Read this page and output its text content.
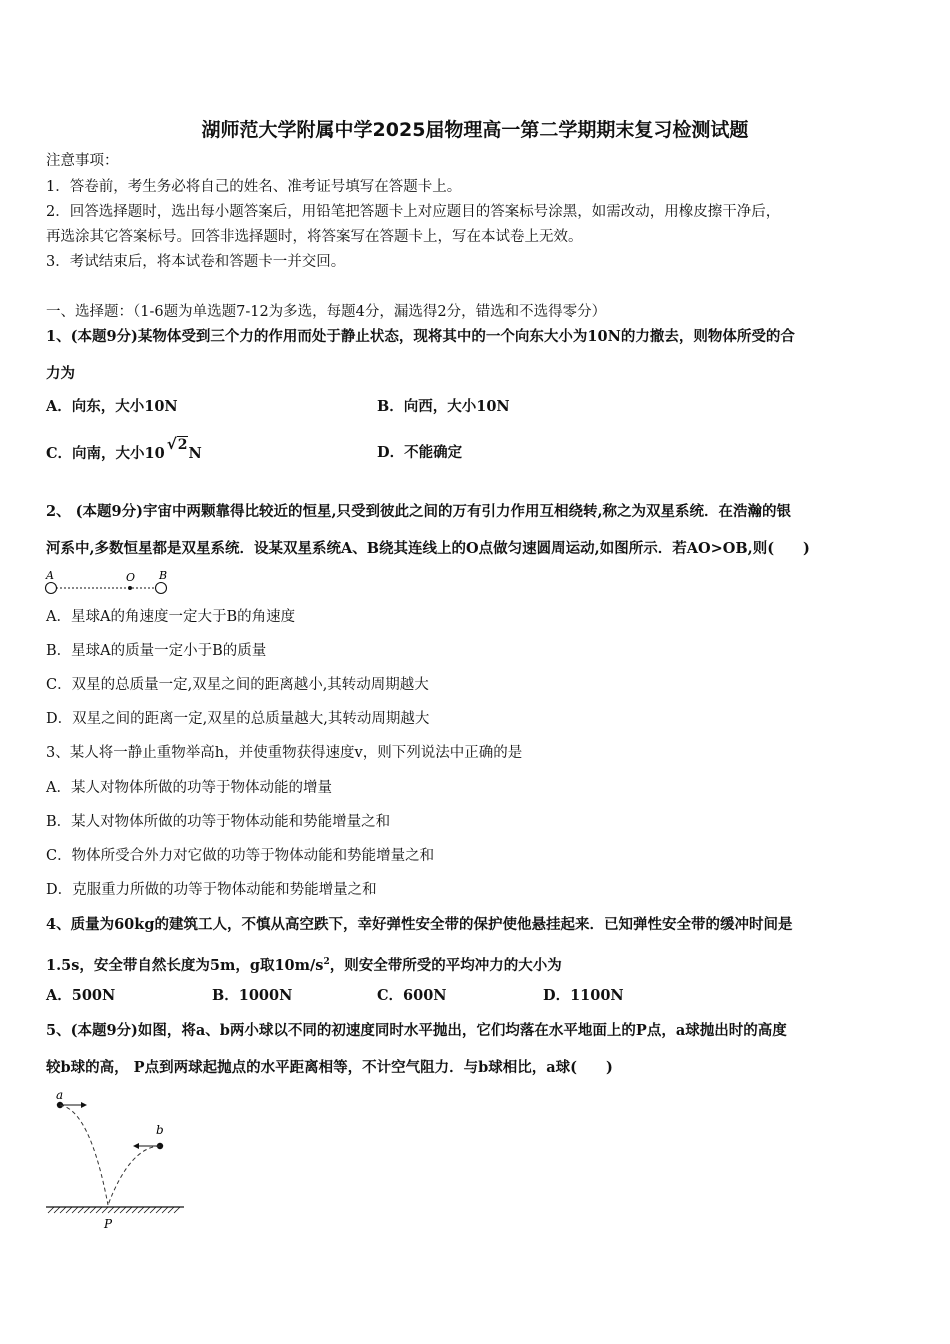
湖师范大学附属中学2025届物理高一第二学期期末复习检测试题
注意事项：
1．答卷前，考生务必将自己的姓名、准考证号填写在答题卡上。
2．回答选择题时，选出每小题答案后，用铅笔把答题卡上对应题目的答案标号涂黑，如需改动，用橡皮擦干净后，
再选涂其它答案标号。回答非选择题时，将答案写在答题卡上，写在本试卷上无效。
3．考试结束后，将本试卷和答题卡一并交回。
一、选择题：（1-6题为单选题7-12为多选，每题4分，漏选得2分，错选和不选得零分）
1、(本题9分)某物体受到三个力的作用而处于静止状态，现将其中的一个向东大小为10N的力撤去，则物体所受的合
力为
A．向东，大小10N	B．向西，大小10N
C．向南，大小10√2N	D．不能确定
2、 (本题9分)宇宙中两颗靠得比较近的恒星,只受到彼此之间的万有引力作用互相绕转,称之为双星系统．在浩瀚的银
河系中,多数恒星都是双星系统．设某双星系统A、B绕其连线上的O点做匀速圆周运动,如图所示．若AO>OB,则(　　)
A	O B
A．星球A的角速度一定大于B的角速度
B．星球A的质量一定小于B的质量
C．双星的总质量一定,双星之间的距离越小,其转动周期越大
D．双星之间的距离一定,双星的总质量越大,其转动周期越大
3、某人将一静止重物举高h，并使重物获得速度v，则下列说法中正确的是
A．某人对物体所做的功等于物体动能的增量
B．某人对物体所做的功等于物体动能和势能增量之和
C．物体所受合外力对它做的功等于物体动能和势能增量之和
D．克服重力所做的功等于物体动能和势能增量之和
4、质量为60kg的建筑工人，不慎从高空跌下，幸好弹性安全带的保护使他悬挂起来．已知弹性安全带的缓冲时间是
1.5s，安全带自然长度为5m，g取$10m/s^2$，则安全带所受的平均冲力的大小为
A．500N	B．1000N	C．600N	D．1100N
5、(本题9分)如图，将a、b两小球以不同的初速度同时水平抛出，它们均落在水平地面上的P点，a球抛出时的高度
较b球的高， P点到两球起抛点的水平距离相等，不计空气阻力．与b球相比，a球(　　)
a
b
P
